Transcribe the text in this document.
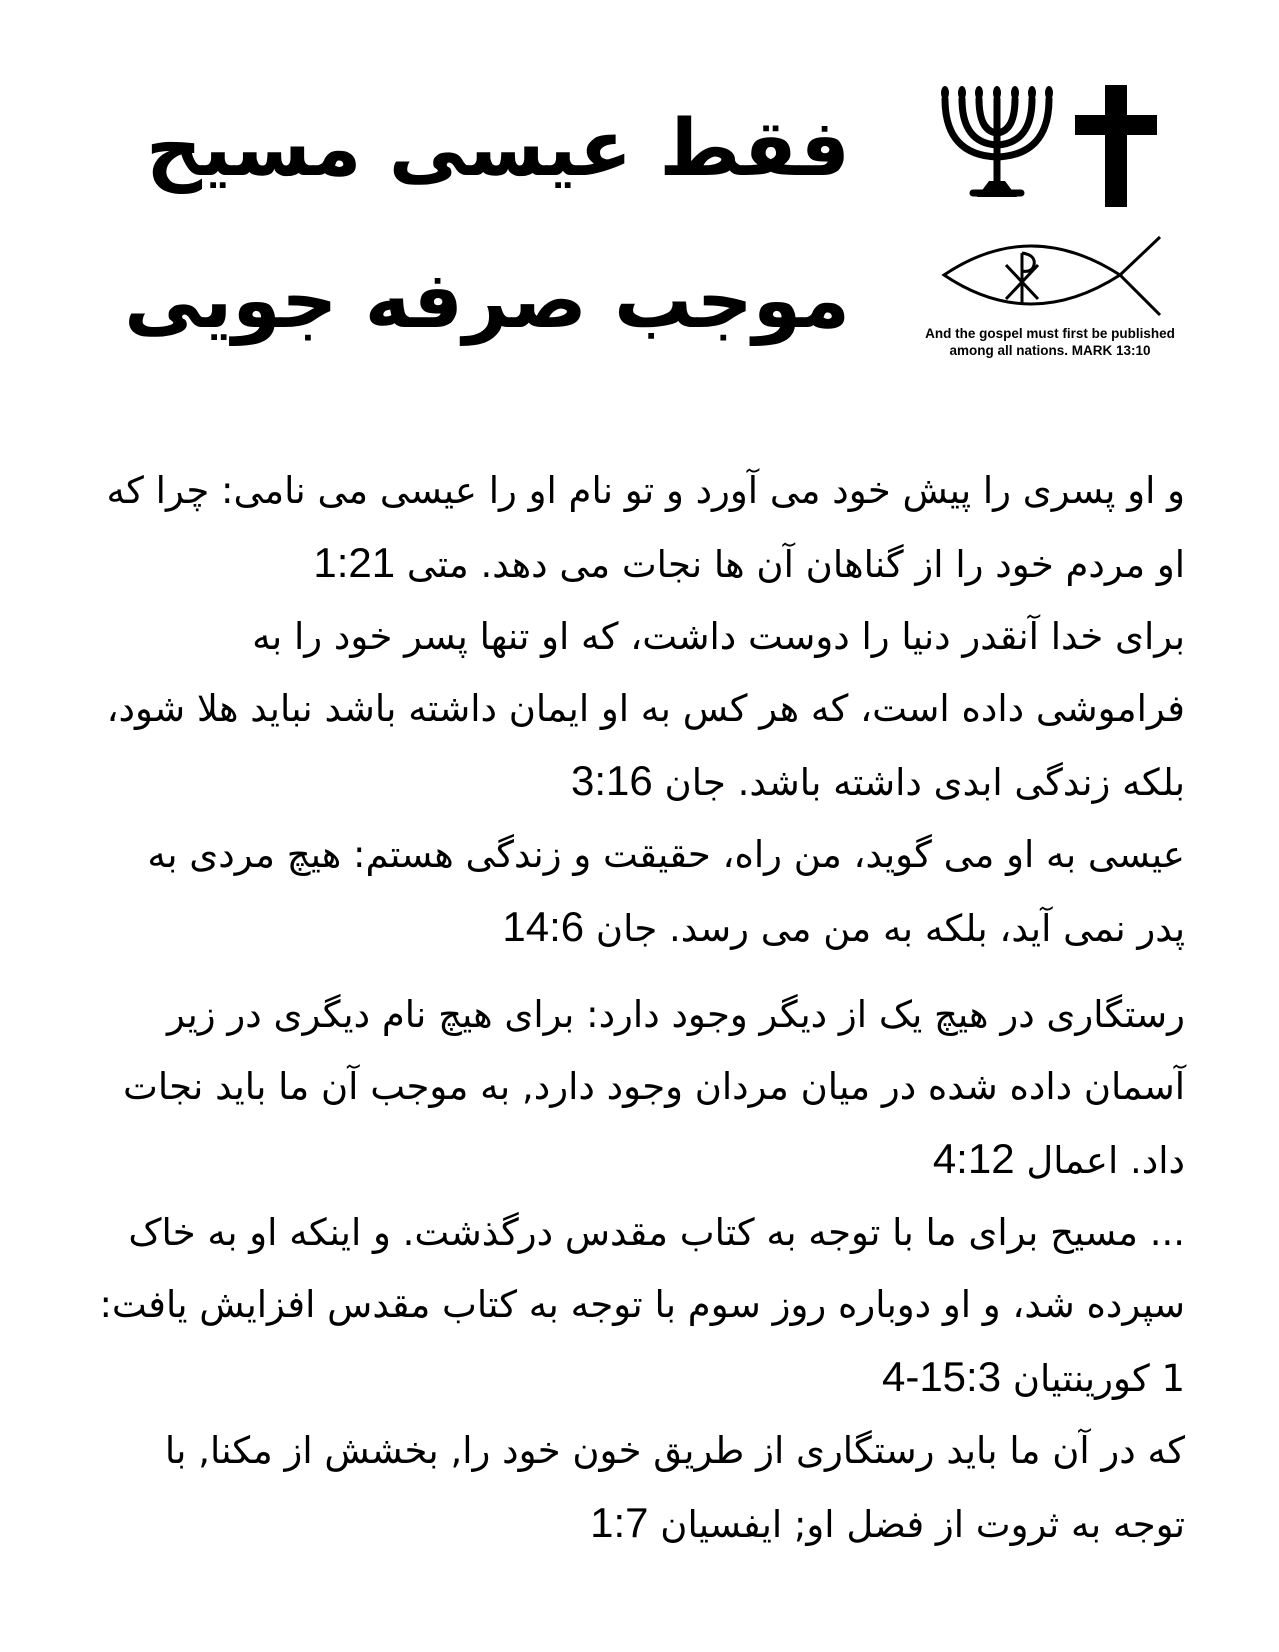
فقط عیسی مسیح
موجب صرفه جویی	And the gospel must first be published among all nations. MARK 13:10

و او پسری را پیش خود می آورد و تو نام او را عیسی می نامی: چرا که او مردم خود را از گناهان آن ها نجات می دهد. متی 1:21

برای خدا آنقدر دنیا را دوست داشت، که او تنها پسر خود را به فراموشی داده است، که هر کس به او ایمان داشته باشد نباید هلا شود، بلکه زندگی ابدی داشته باشد. جان 3:16

عیسی به او می گوید، من راه، حقیقت و زندگی هستم: هیچ مردی به پدر نمی آید، بلکه به من می رسد. جان 14:6

رستگاری در هیچ یک از دیگر وجود دارد: برای هیچ نام دیگری در زیر آسمان داده شده در میان مردان وجود دارد, به موجب آن ما باید نجات داد. اعمال 4:12

... مسیح برای ما با توجه به کتاب مقدس درگذشت. و اینکه او به خاک سپرده شد، و او دوباره روز سوم با توجه به کتاب مقدس افزایش یافت: 1 کورینتیان 15:3-4

که در آن ما باید رستگاری از طریق خون خود را, بخشش از مکنا, با توجه به ثروت از فضل او; ایفسیان 1:7
